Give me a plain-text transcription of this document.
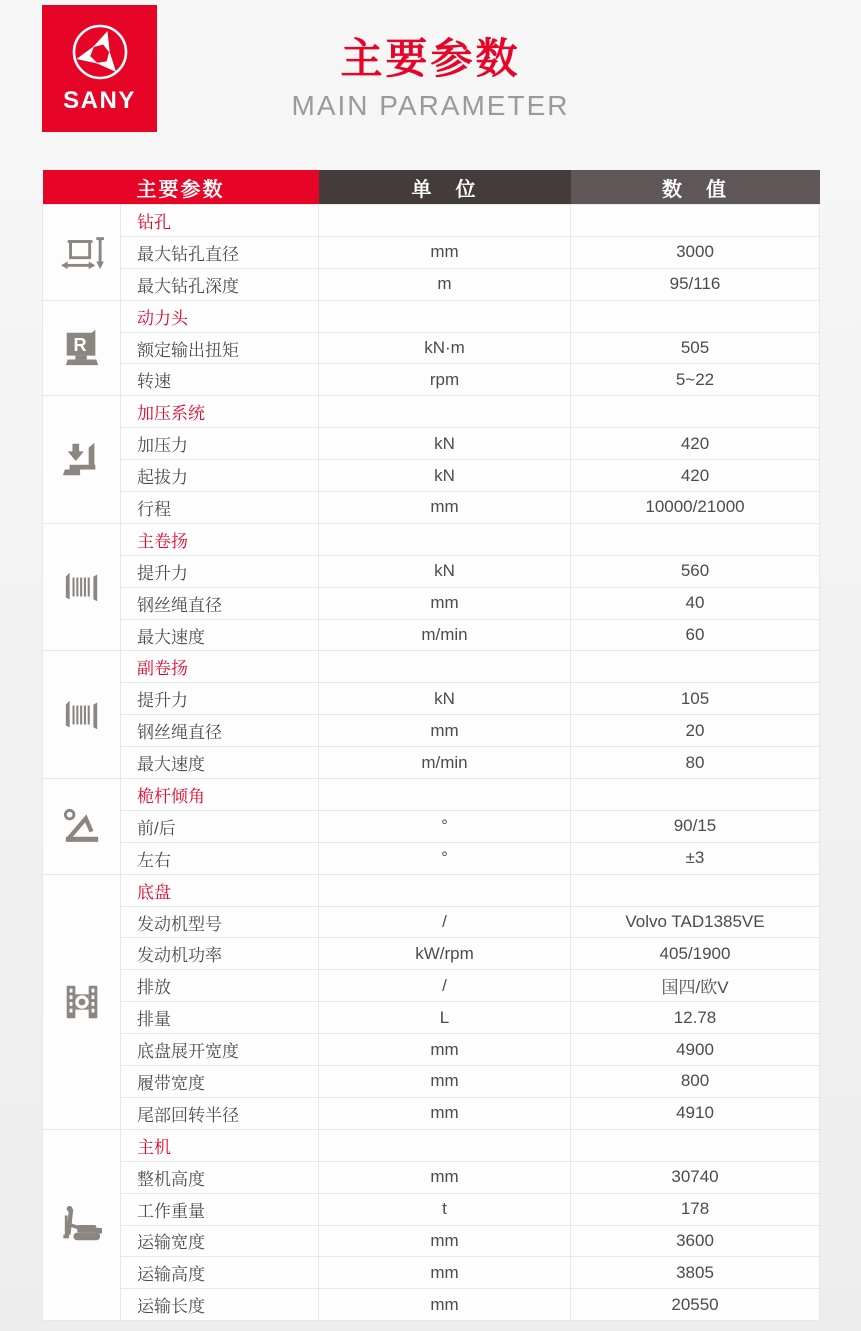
SANY
主要参数
MAIN PARAMETER
主要参数		单　位	数　值
	钻孔		
	最大钻孔直径	mm	3000
	最大钻孔深度	m	95/116

R	动力头		
	额定输出扭矩	kN·m	505
	转速	rpm	5~22
	加压系统		
	加压力	kN	420
	起拔力	kN	420
	行程	mm	10000/21000
	主卷扬		
	提升力	kN	560
	钢丝绳直径	mm	40
	最大速度	m/min	60
	副卷扬		
	提升力	kN	105
	钢丝绳直径	mm	20
	最大速度	m/min	80
	桅杆倾角		
	前/后	°	90/15
	左右	°	±3
	底盘		
	发动机型号	/	Volvo TAD1385VE
	发动机功率	kW/rpm	405/1900
	排放	/	国四/欧V
	排量	L	12.78
	底盘展开宽度	mm	4900
	履带宽度	mm	800
	尾部回转半径	mm	4910
	主机		
	整机高度	mm	30740
	工作重量	t	178
	运输宽度	mm	3600
	运输高度	mm	3805
	运输长度	mm	20550
